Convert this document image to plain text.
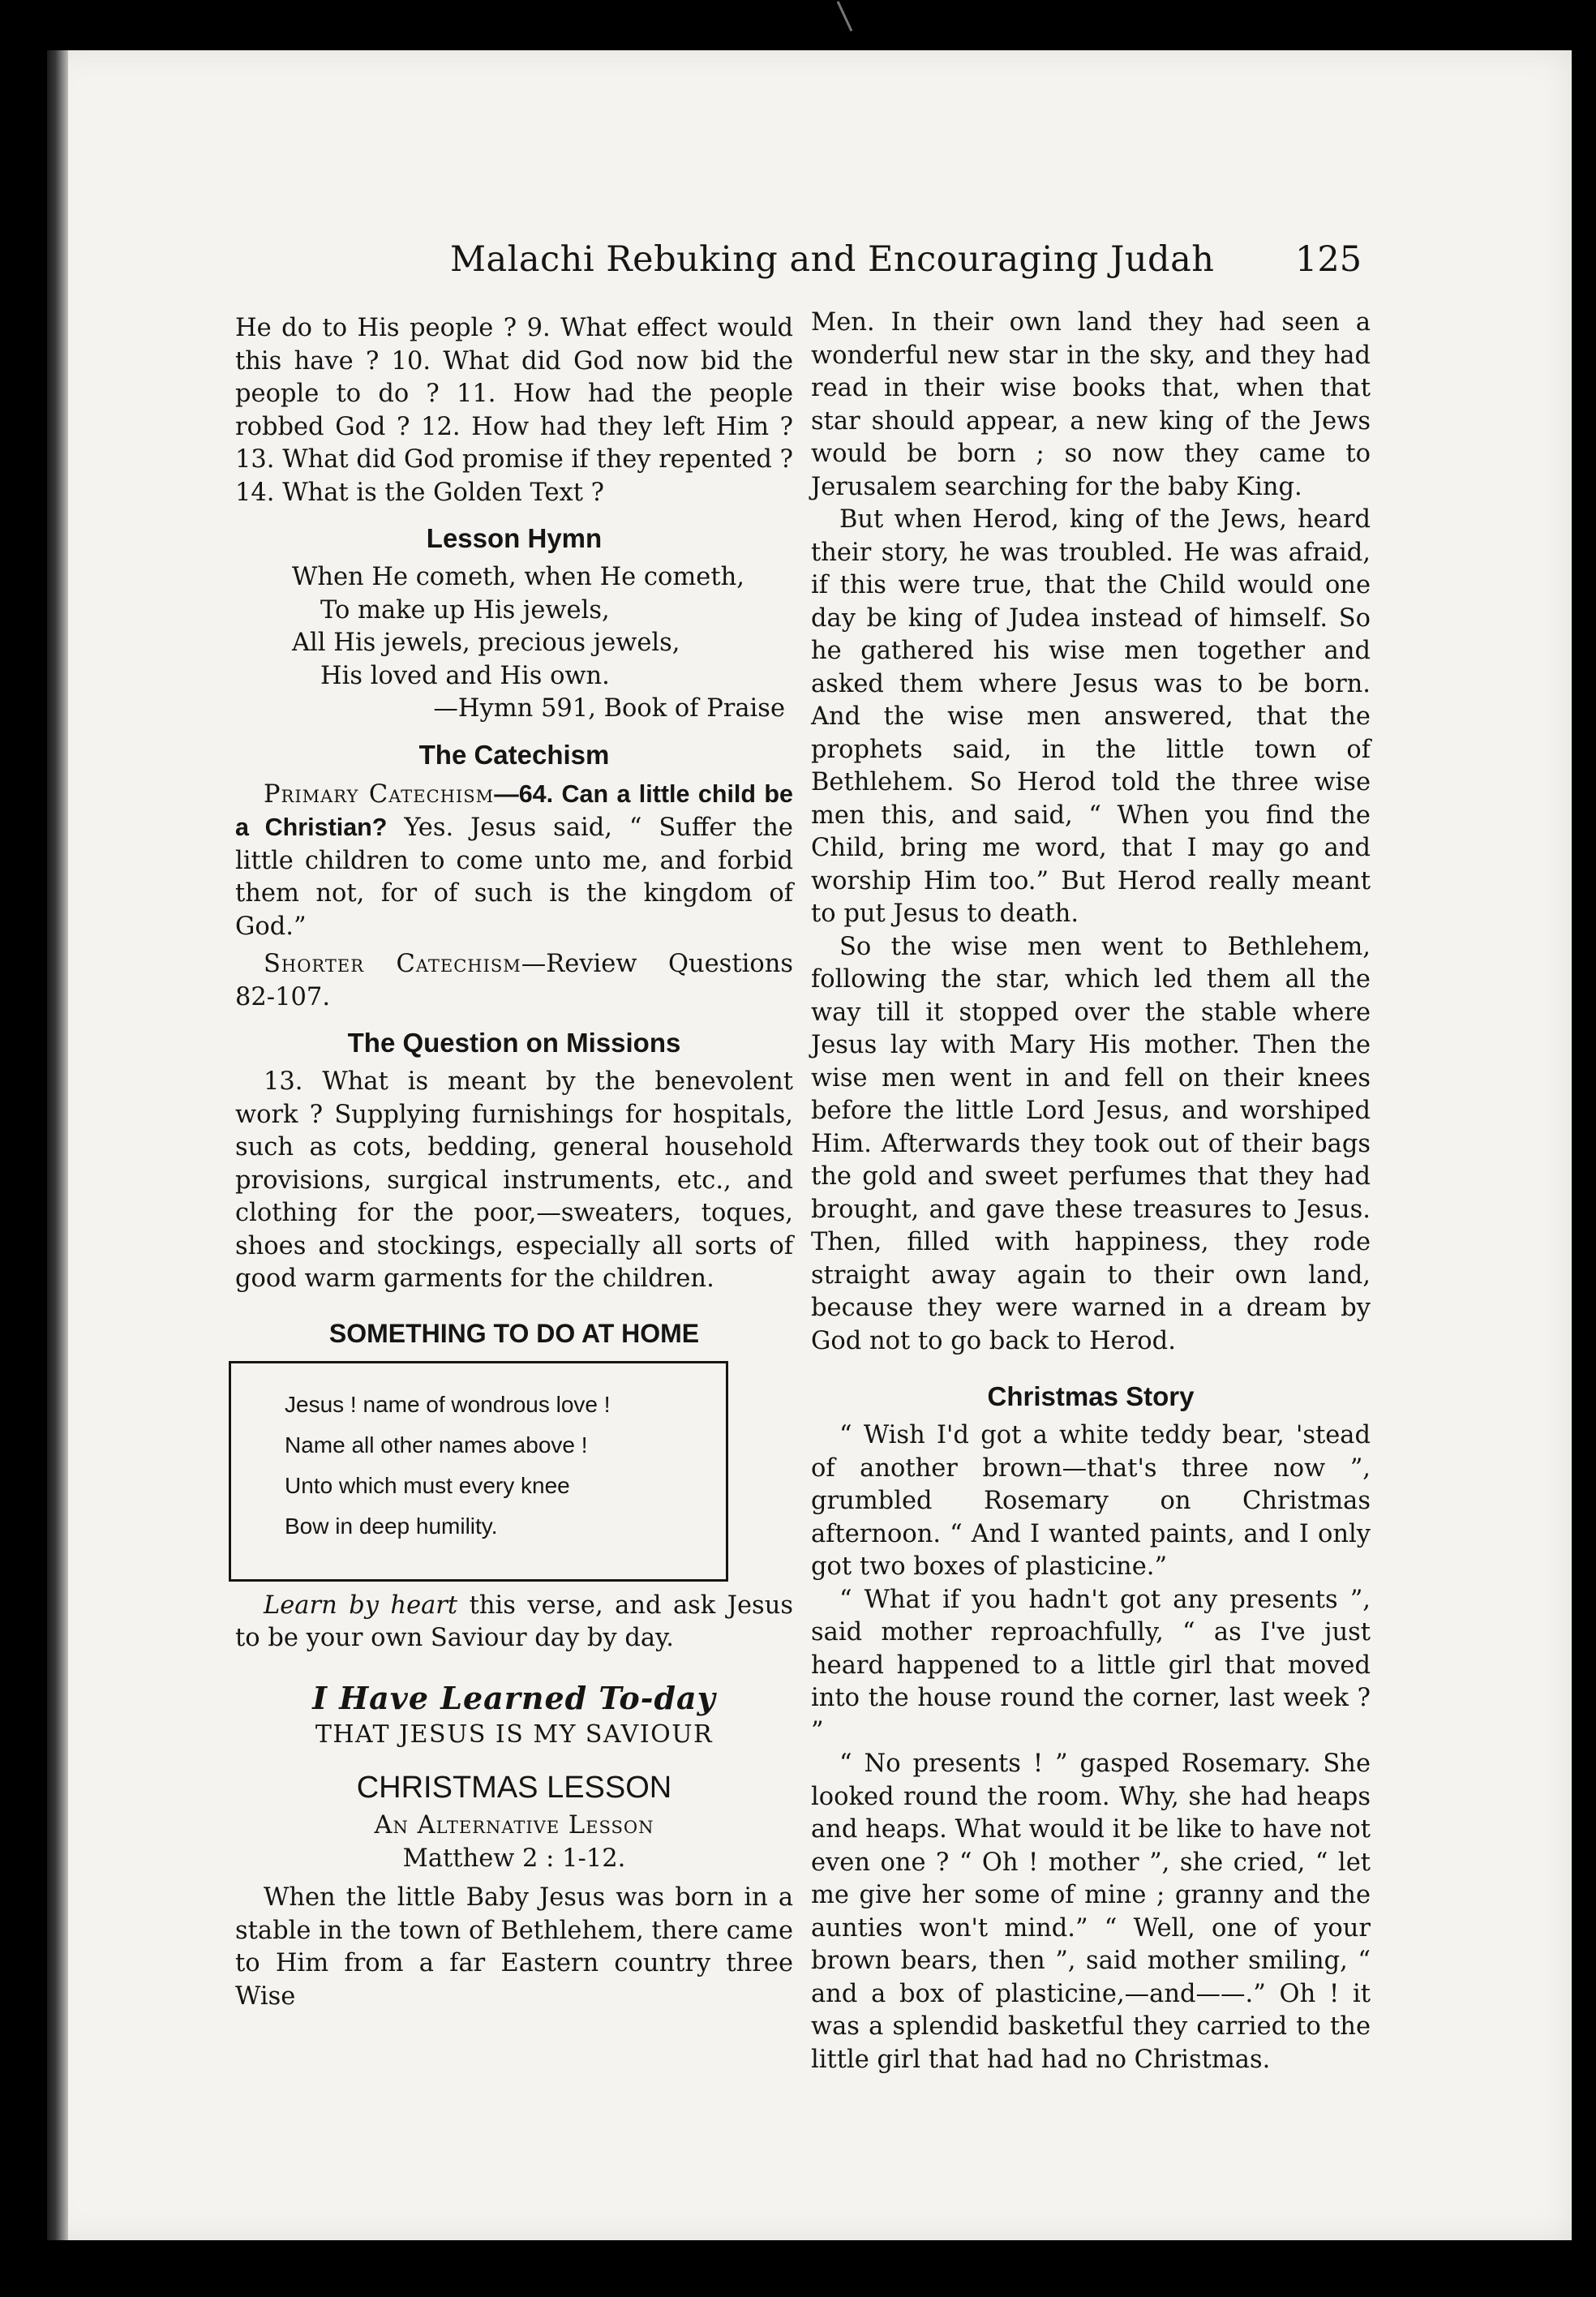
Malachi Rebuking and Encouraging Judah 125

He do to His people ? 9. What effect would this have ? 10. What did God now bid the people to do ? 11. How had the people robbed God ? 12. How had they left Him ? 13. What did God promise if they repented ? 14. What is the Golden Text ?

Lesson Hymn

When He cometh, when He cometh,

To make up His jewels,

All His jewels, precious jewels,

His loved and His own.

—Hymn 591, Book of Praise

The Catechism

Primary Catechism—64. Can a little child be a Christian? Yes. Jesus said, “ Suffer the little children to come unto me, and forbid them not, for of such is the kingdom of God.”

Shorter Catechism—Review Questions 82-107.

The Question on Missions

13. What is meant by the benevolent work ? Supplying furnishings for hospitals, such as cots, bedding, general household provisions, surgical instruments, etc., and clothing for the poor,—sweaters, toques, shoes and stockings, especially all sorts of good warm garments for the children.

SOMETHING TO DO AT HOME

Jesus ! name of wondrous love !

Name all other names above !

Unto which must every knee

Bow in deep humility.

Learn by heart this verse, and ask Jesus to be your own Saviour day by day.

I Have Learned To-day

THAT JESUS IS MY SAVIOUR

CHRISTMAS LESSON

An Alternative Lesson

Matthew 2 : 1-12.

When the little Baby Jesus was born in a stable in the town of Bethlehem, there came to Him from a far Eastern country three Wise

Men. In their own land they had seen a wonderful new star in the sky, and they had read in their wise books that, when that star should appear, a new king of the Jews would be born ; so now they came to Jerusalem searching for the baby King.

But when Herod, king of the Jews, heard their story, he was troubled. He was afraid, if this were true, that the Child would one day be king of Judea instead of himself. So he gathered his wise men together and asked them where Jesus was to be born. And the wise men answered, that the prophets said, in the little town of Bethlehem. So Herod told the three wise men this, and said, “ When you find the Child, bring me word, that I may go and worship Him too.” But Herod really meant to put Jesus to death.

So the wise men went to Bethlehem, following the star, which led them all the way till it stopped over the stable where Jesus lay with Mary His mother. Then the wise men went in and fell on their knees before the little Lord Jesus, and worshiped Him. Afterwards they took out of their bags the gold and sweet perfumes that they had brought, and gave these treasures to Jesus. Then, filled with happiness, they rode straight away again to their own land, because they were warned in a dream by God not to go back to Herod.

Christmas Story

“ Wish I'd got a white teddy bear, 'stead of another brown—that's three now ”, grumbled Rosemary on Christmas afternoon. “ And I wanted paints, and I only got two boxes of plasticine.”

“ What if you hadn't got any presents ”, said mother reproachfully, “ as I've just heard happened to a little girl that moved into the house round the corner, last week ? ”

“ No presents ! ” gasped Rosemary. She looked round the room. Why, she had heaps and heaps. What would it be like to have not even one ? “ Oh ! mother ”, she cried, “ let me give her some of mine ; granny and the aunties won't mind.” “ Well, one of your brown bears, then ”, said mother smiling, “ and a box of plasticine,—and——.” Oh ! it was a splendid basketful they carried to the little girl that had had no Christmas.
